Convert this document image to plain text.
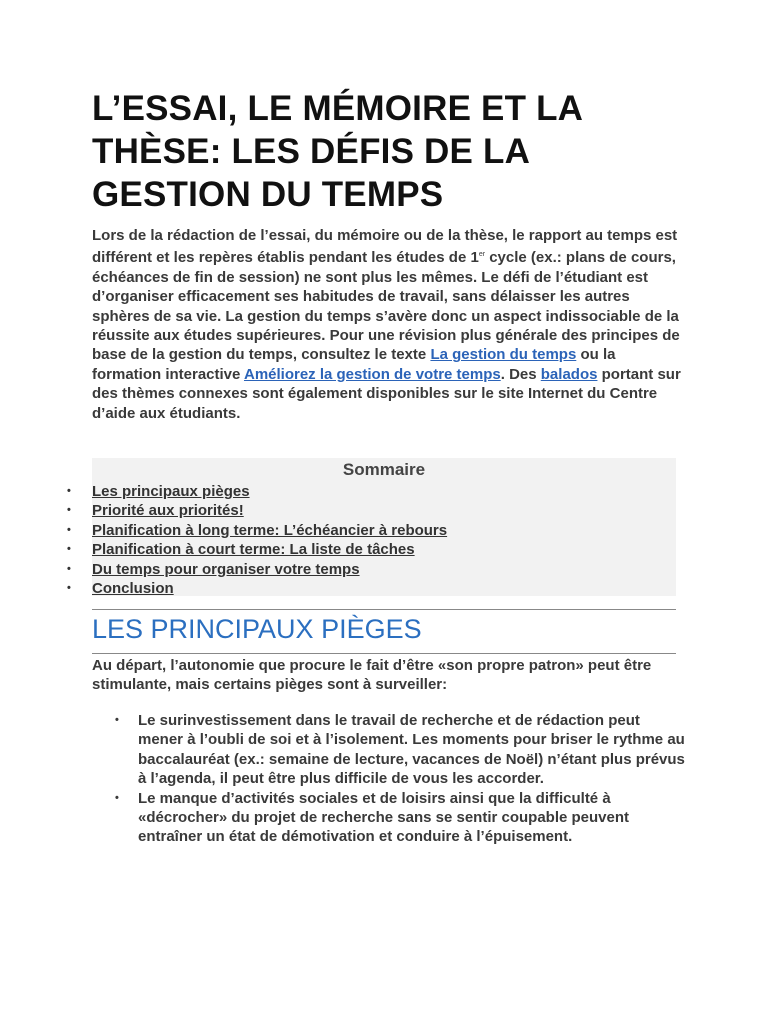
L’ESSAI, LE MÉMOIRE ET LA THÈSE: LES DÉFIS DE LA GESTION DU TEMPS

Lors de la rédaction de l’essai, du mémoire ou de la thèse, le rapport au temps est différent et les repères établis pendant les études de 1er cycle (ex.: plans de cours, échéances de fin de session) ne sont plus les mêmes. Le défi de l’étudiant est d’organiser efficacement ses habitudes de travail, sans délaisser les autres sphères de sa vie. La gestion du temps s’avère donc un aspect indissociable de la réussite aux études supérieures. Pour une révision plus générale des principes de base de la gestion du temps, consultez le texte La gestion du temps ou la formation interactive Améliorez la gestion de votre temps. Des balados portant sur des thèmes connexes sont également disponibles sur le site Internet du Centre d’aide aux étudiants.

Sommaire
• Les principaux pièges
• Priorité aux priorités!
• Planification à long terme: L’échéancier à rebours
• Planification à court terme: La liste de tâches
• Du temps pour organiser votre temps
• Conclusion
LES PRINCIPAUX PIÈGES

Au départ, l’autonomie que procure le fait d’être «son propre patron» peut être stimulante, mais certains pièges sont à surveiller:

• Le surinvestissement dans le travail de recherche et de rédaction peut mener à l’oubli de soi et à l’isolement. Les moments pour briser le rythme au baccalauréat (ex.: semaine de lecture, vacances de Noël) n’étant plus prévus à l’agenda, il peut être plus difficile de vous les accorder.
• Le manque d’activités sociales et de loisirs ainsi que la difficulté à «décrocher» du projet de recherche sans se sentir coupable peuvent entraîner un état de démotivation et conduire à l’épuisement.
